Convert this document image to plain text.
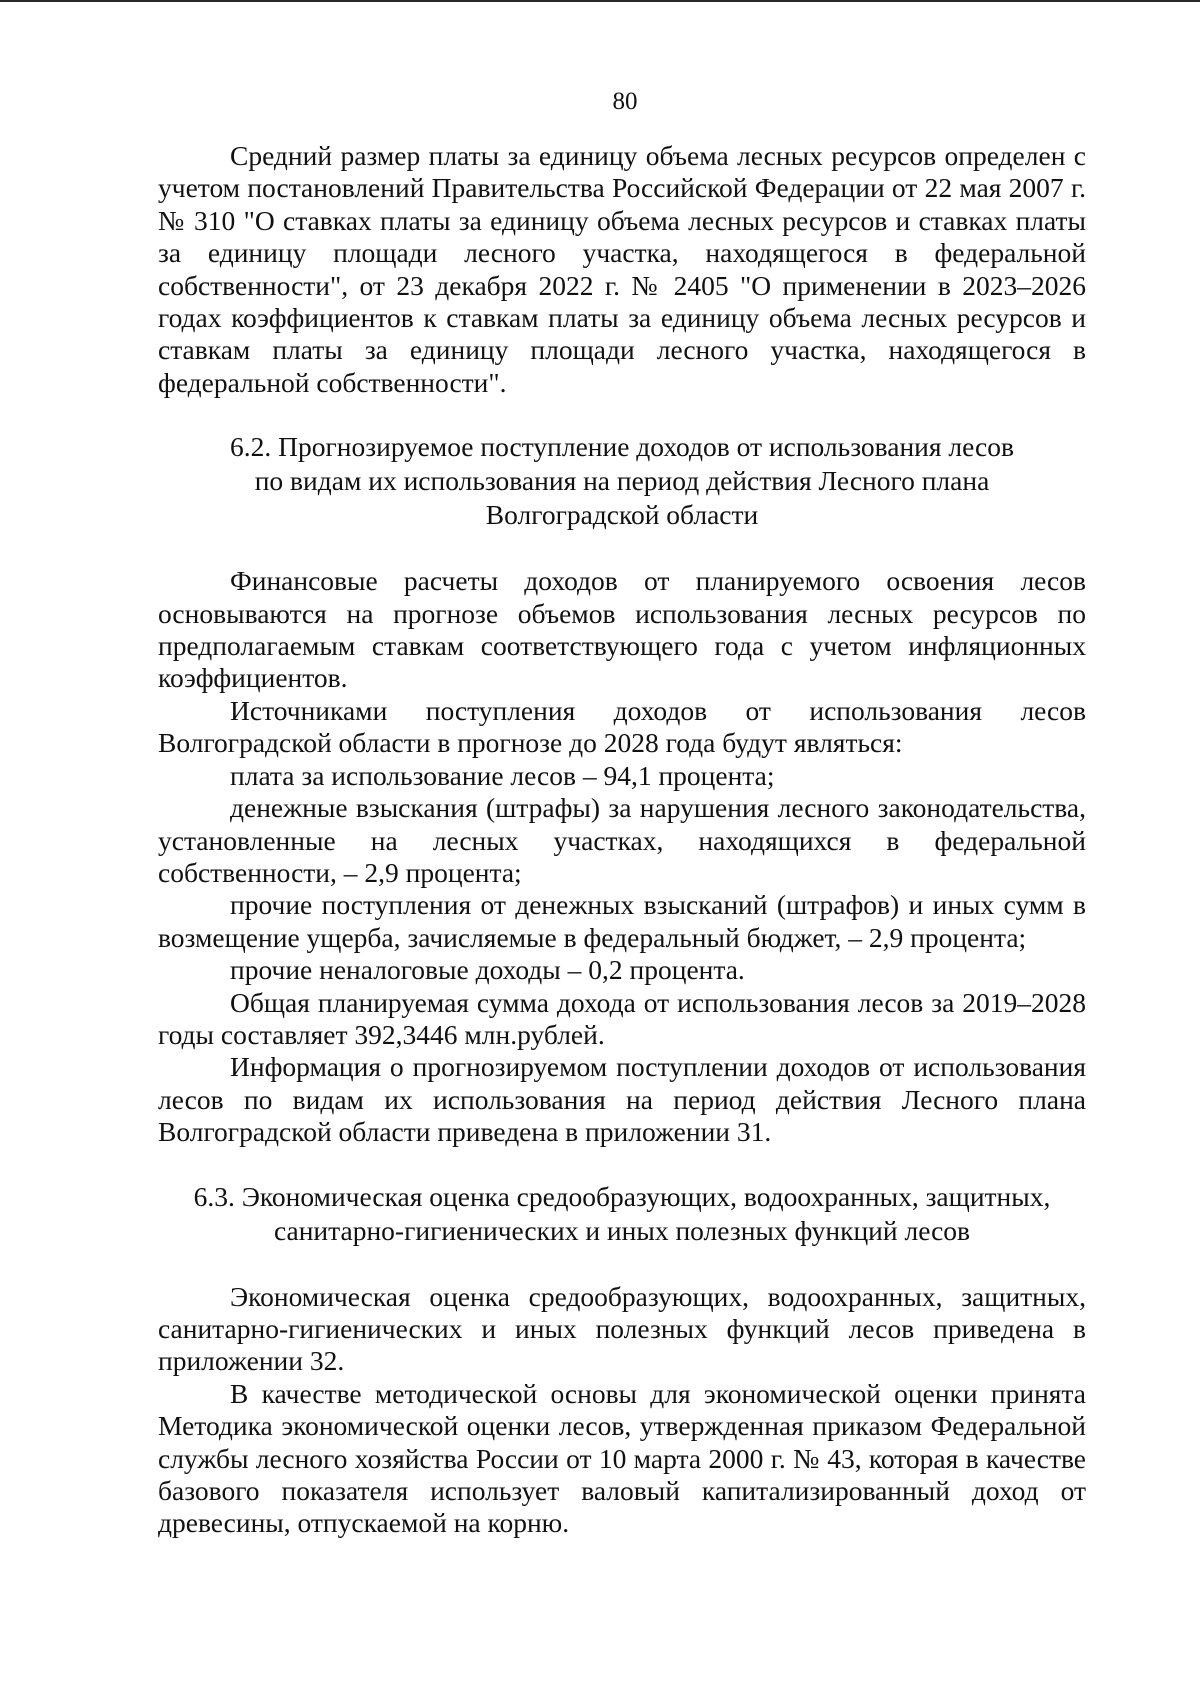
80

Средний размер платы за единицу объема лесных ресурсов определен с учетом постановлений Правительства Российской Федерации от 22 мая 2007 г. № 310 "О ставках платы за единицу объема лесных ресурсов и ставках платы за единицу площади лесного участка, находящегося в федеральной собственности", от 23 декабря 2022 г. № 2405 "О применении в 2023–2026 годах коэффициентов к ставкам платы за единицу объема лесных ресурсов и ставкам платы за единицу площади лесного участка, находящегося в федеральной собственности".

6.2. Прогнозируемое поступление доходов от использования лесов
по видам их использования на период действия Лесного плана
Волгоградской области

Финансовые расчеты доходов от планируемого освоения лесов основываются на прогнозе объемов использования лесных ресурсов по предполагаемым ставкам соответствующего года с учетом инфляционных коэффициентов.

Источниками поступления доходов от использования лесов Волгоградской области в прогнозе до 2028 года будут являться:

плата за использование лесов – 94,1 процента;

денежные взыскания (штрафы) за нарушения лесного законодательства, установленные на лесных участках, находящихся в федеральной собственности, – 2,9 процента;

прочие поступления от денежных взысканий (штрафов) и иных сумм в возмещение ущерба, зачисляемые в федеральный бюджет, – 2,9 процента;

прочие неналоговые доходы – 0,2 процента.

Общая планируемая сумма дохода от использования лесов за 2019–2028 годы составляет 392,3446 млн.рублей.

Информация о прогнозируемом поступлении доходов от использования лесов по видам их использования на период действия Лесного плана Волгоградской области приведена в приложении 31.

6.3. Экономическая оценка средообразующих, водоохранных, защитных,
санитарно-гигиенических и иных полезных функций лесов

Экономическая оценка средообразующих, водоохранных, защитных, санитарно-гигиенических и иных полезных функций лесов приведена в приложении 32.

В качестве методической основы для экономической оценки принята Методика экономической оценки лесов, утвержденная приказом Федеральной службы лесного хозяйства России от 10 марта 2000 г. № 43, которая в качестве базового показателя использует валовый капитализированный доход от древесины, отпускаемой на корню.
